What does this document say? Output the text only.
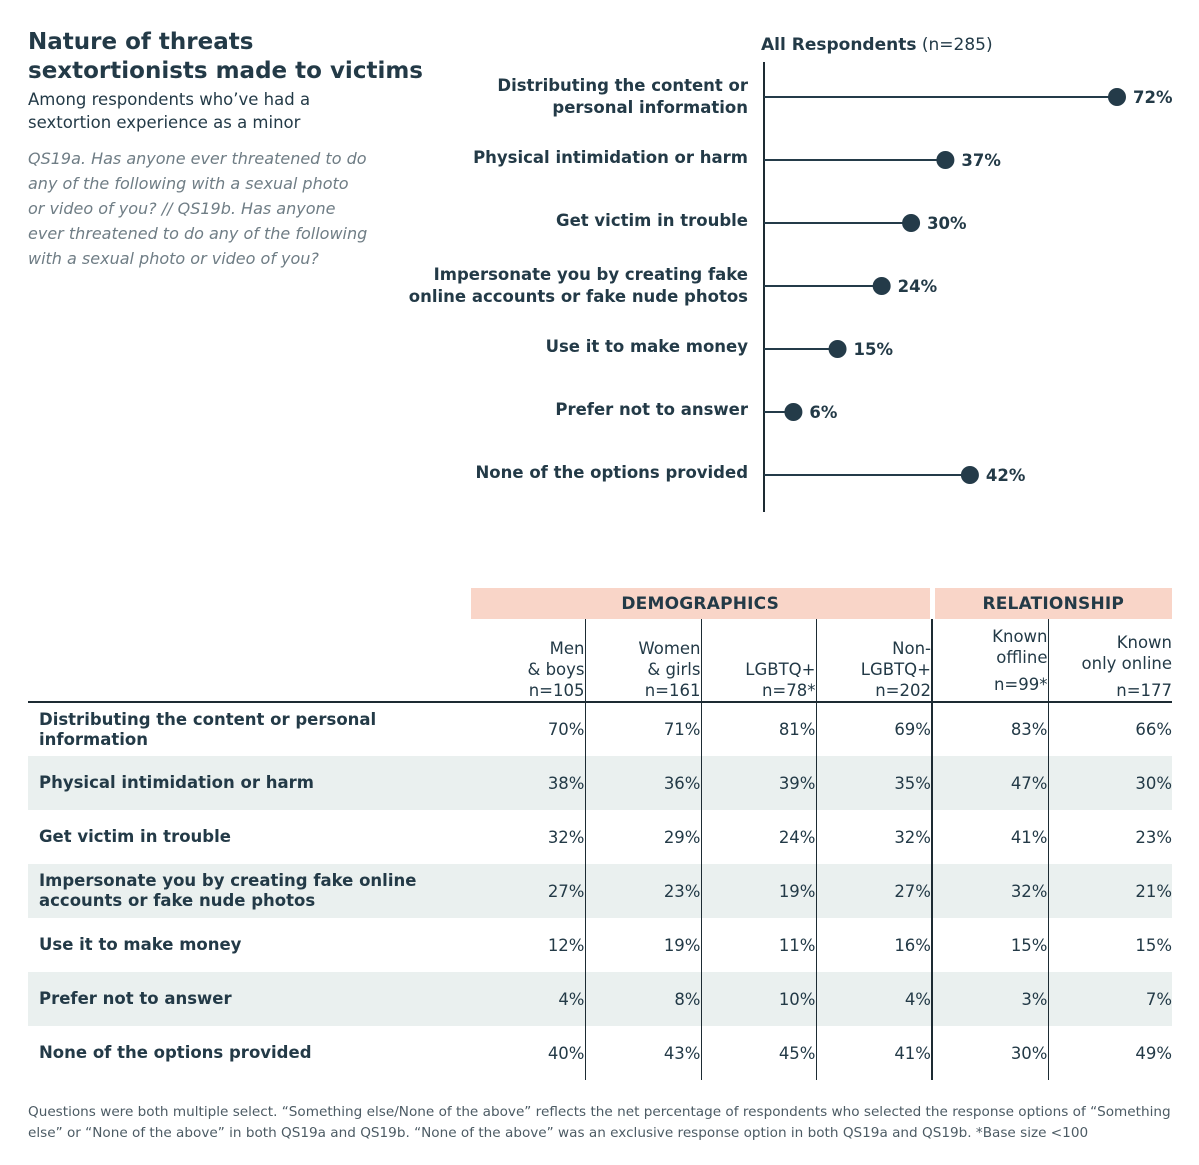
Nature of threats
sextortionists made to victims
Among respondents who’ve had a
sextortion experience as a minor
QS19a. Has anyone ever threatened to do
any of the following with a sexual photo
or video of you? // QS19b. Has anyone
ever threatened to do any of the following
with a sexual photo or video of you?
All Respondents (n=285)
72%
Distributing the content or
personal information
37%
Physical intimidation or harm
30%
Get victim in trouble
24%
Impersonate you by creating fake
online accounts or fake nude photos
15%
Use it to make money
6%
Prefer not to answer
42%
None of the options provided
	DEMOGRAPHICS				RELATIONSHIP	

	Men
& boys
n=105	Women
& girls
n=161	LGBTQ+
n=78*	Non-
LGBTQ+
n=202	Known
offline
n=99*	Known
only online
n=177

Distributing the content or personal
information	70%	71%	81%	69%	83%	66%

Physical intimidation or harm	38%	36%	39%	35%	47%	30%

Get victim in trouble	32%	29%	24%	32%	41%	23%

Impersonate you by creating fake online
accounts or fake nude photos	27%	23%	19%	27%	32%	21%

Use it to make money	12%	19%	11%	16%	15%	15%

Prefer not to answer	4%	8%	10%	4%	3%	7%

None of the options provided	40%	43%	45%	41%	30%	49%
Questions were both multiple select. “Something else/None of the above” reflects the net percentage of respondents who selected the response options of “Something
else” or “None of the above” in both QS19a and QS19b. “None of the above” was an exclusive response option in both QS19a and QS19b. *Base size <100
